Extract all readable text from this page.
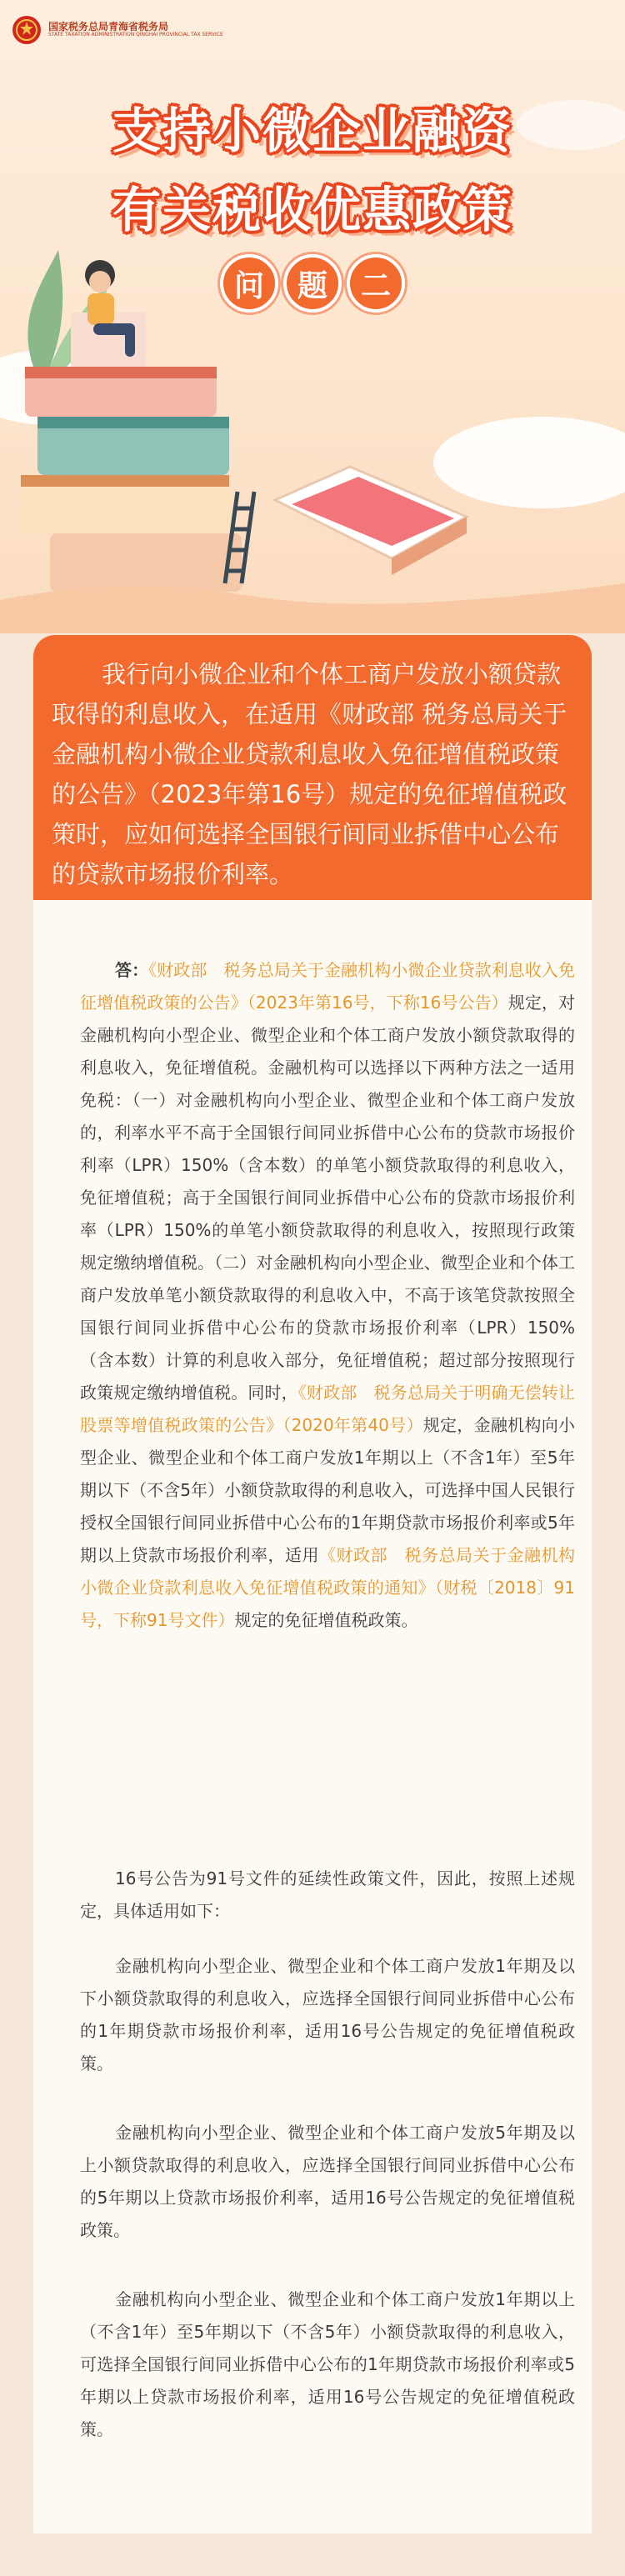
国家税务总局青海省税务局
STATE TAXATION ADMINISTRATION QINGHAI PROVINCIAL TAX SERVICE
支持小微企业融资
有关税收优惠政策
问	题	二

我行向小微企业和个体工商户发放小额贷款取得的利息收入，在适用《财政部 税务总局关于金融机构小微企业贷款利息收入免征增值税政策的公告》（2023年第16号）规定的免征增值税政策时，应如何选择全国银行间同业拆借中心公布的贷款市场报价利率。

答：《财政部　税务总局关于金融机构小微企业贷款利息收入免征增值税政策的公告》（2023年第16号，下称16号公告）规定，对金融机构向小型企业、微型企业和个体工商户发放小额贷款取得的利息收入，免征增值税。金融机构可以选择以下两种方法之一适用免税：（一）对金融机构向小型企业、微型企业和个体工商户发放的，利率水平不高于全国银行间同业拆借中心公布的贷款市场报价利率（LPR）150%（含本数）的单笔小额贷款取得的利息收入，免征增值税；高于全国银行间同业拆借中心公布的贷款市场报价利率（LPR）150%的单笔小额贷款取得的利息收入，按照现行政策规定缴纳增值税。（二）对金融机构向小型企业、微型企业和个体工商户发放单笔小额贷款取得的利息收入中，不高于该笔贷款按照全国银行间同业拆借中心公布的贷款市场报价利率（LPR）150%（含本数）计算的利息收入部分，免征增值税；超过部分按照现行政策规定缴纳增值税。同时，《财政部　税务总局关于明确无偿转让股票等增值税政策的公告》（2020年第40号）规定，金融机构向小型企业、微型企业和个体工商户发放1年期以上（不含1年）至5年期以下（不含5年）小额贷款取得的利息收入，可选择中国人民银行授权全国银行间同业拆借中心公布的1年期贷款市场报价利率或5年期以上贷款市场报价利率，适用《财政部　税务总局关于金融机构小微企业贷款利息收入免征增值税政策的通知》（财税〔2018〕91号，下称91号文件）规定的免征增值税政策。

16号公告为91号文件的延续性政策文件，因此，按照上述规定，具体适用如下：

金融机构向小型企业、微型企业和个体工商户发放1年期及以下小额贷款取得的利息收入，应选择全国银行间同业拆借中心公布的1年期贷款市场报价利率，适用16号公告规定的免征增值税政策。

金融机构向小型企业、微型企业和个体工商户发放5年期及以上小额贷款取得的利息收入，应选择全国银行间同业拆借中心公布的5年期以上贷款市场报价利率，适用16号公告规定的免征增值税政策。

金融机构向小型企业、微型企业和个体工商户发放1年期以上（不含1年）至5年期以下（不含5年）小额贷款取得的利息收入，可选择全国银行间同业拆借中心公布的1年期贷款市场报价利率或5年期以上贷款市场报价利率，适用16号公告规定的免征增值税政策。
